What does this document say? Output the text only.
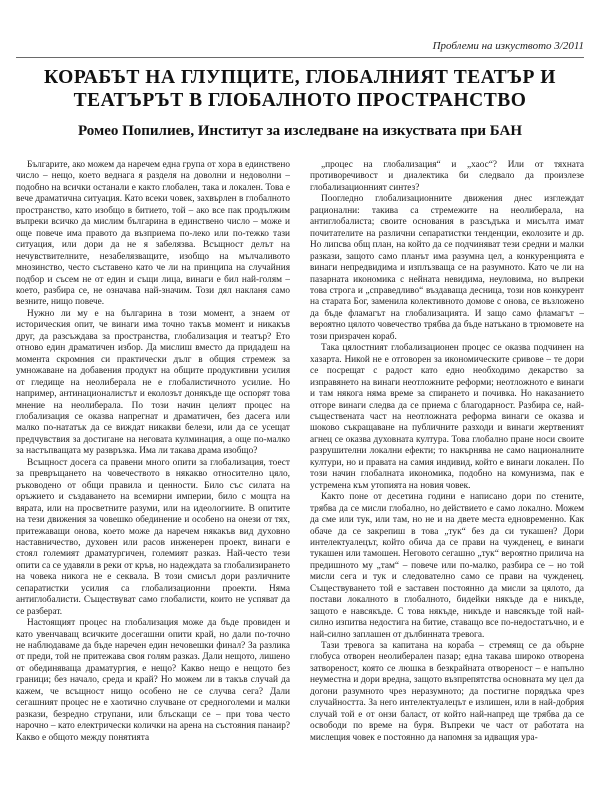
Проблеми на изкуството 3/2011
КОРАБЪТ НА ГЛУПЦИТЕ, ГЛОБАЛНИЯТ ТЕАТЪР И ТЕАТЪРЪТ В ГЛОБАЛНОТО ПРОСТРАНСТВО
Ромео Попилиев, Институт за изследване на изкуствата при БАН

Българите, ако можем да наречем една група от хора в единствено число – нещо, което веднага я разделя на доволни и недоволни – подобно на всички останали е както глобален, така и локален. Това е вече драматична ситуация. Като всеки човек, захвърлен в глобалното пространство, като изобщо в битието, той – ако все пак продължим въпреки всичко да мислим българина в единствено число – може и още повече има правото да възприема по-леко или по-тежко тази ситуация, или дори да не я забелязва. Всъщност делът на нечувствителните, незабелязващите, изобщо на мълчаливото мнозинство, често съставено като че ли на принципа на случайния подбор и съсем не от един и същи лица, винаги е бил най-голям – което, разбира се, не означава най-значим. Този дял накланя само везните, нищо повече.

Нужно ли му е на българина в този момент, а знаем от историческия опит, че винаги има точно такъв момент и никакъв друг, да разсъждава за пространства, глобализация и театър? Ето отново един драматичен избор. Да мислиш вместо да придадеш на момента скромния си практически дълг в общия стремеж за умножаване на добавения продукт на общите продуктивни усилия от гледище на неолиберала не е глобалистичното усилие. Но например, антинационалистът и еколозът донякъде ще оспорят това мнение на неолиберала. По този начин целият процес на глобализация се оказва напрегнат и драматичен, без дасега или малко по-нататък да се виждат никакви белези, или да се усещат предчувствия за достигане на неговата кулминация, а още по-малко за настъпващата му развръзка. Има ли такава драма изобщо?

Всъщност досега са правени много опити за глобализация, тоест за превръщането на човечеството в някакво относително цяло, ръководено от общи правила и ценности. Било със силата на оръжието и създаването на всемирни империи, било с мощта на вярата, или на просветните разуми, или на идеологиите. В опитите на тези движения за човешко обединение и особено на онези от тях, притежаващи онова, което може да наречем някакъв вид духовно наставничество, духовен или расов инженерен проект, винаги е стоял големият драматургичен, големият разказ. Най-често тези опити са се удавяли в реки от кръв, но надеждата за глобализирането на човека никога не е секвала. В този смисъл дори различните сепаратистки усилия са глобализационни проекти. Няма антиглобалисти. Съществуват само глобалисти, които не успяват да се разберат.

Настоящият процес на глобализация може да бъде провиден и като увенчаващ всичките досегашни опити край, но дали по-точно не наблюдаваме да бъде наречен един нечовешки финал? За разлика от преди, той не притежава своя голям разказ. Дали нещото, лишено от обединяваща драматургия, е нещо? Какво нещо е нещото без граници; без начало, среда и край? Но можем ли в такъв случай да кажем, че всъщност нищо особено не се случва сега? Дали сегашният процес не е хаотично случване от средноголеми и малки разкази, безредно струпани, или блъскащи се – при това често нарочно – като електрически колички на арена на състояния панаир? Какво е общото между понятията

„процес на глобализация“ и „хаос“? Или от тяхната противоречивост и диалектика би следвало да произлезе глобализационният синтез?

Поогледно глобализационните движения днес изглеждат рационални: такива са стремежите на неолиберала, на антиглобалиста; своите основания в разсъдъка и мисълта имат почитателите на различни сепаратистки тенденции, еколозите и др. Но липсва общ план, на който да се подчиняват тези средни и малки разкази, защото само планът има разумна цел, а конкуренцията е винаги непредвидима и изплъзваща се на разумното. Като че ли на пазарната икономика с нейната невидима, неуловима, но въпреки това строга и „справедливо“ въздаваща десница, този нов конкурент на старата Бог, заменила колективното домове с онова, се възложено да бъде фламагът на глобализацията. И защо само фламагът – вероятно цялото човечество трябва да бъде натъкано в трюмовете на този призрачен кораб.

Така цялостният глобализационен процес се оказва подчинен на хазарта. Никой не е отговорен за икономическите сривове – те дори се посрещат с радост като едно необходимо декарство за изправянето на винаги неотложните реформи; неотложното е винаги и там някога няма време за спирането и почивка. Но наказанието отгоре винаги следва да се приема с благодарност. Разбира се, най-съществената част на неотложната реформа винаги се оказва и шоково съкращаване на публичните разходи и винаги жертвеният агнец се оказва духовната култура. Това глобално пране носи своите разрушителни локални ефекти; то накърнява не само националните култури, но и правата на самия индивид, който е винаги локален. По този начин глобалната икономика, подобно на комунизма, пак е устремена към утопията на новия човек.

Както поне от десетина години е написано дори по стените, трябва да се мисли глобално, но действието е само локално. Можем да сме или тук, или там, но не и на двете места едновременно. Как обаче да се закрепиш в това „тук“ без да си тукашен? Дори интелектуалецът, който обича да се прави на чужденец, е винаги тукашен или тамошен. Неговото сегашно „тук“ вероятно прилича на предишното му „там“ – повече или по-малко, разбира се – но той мисли сега и тук и следователно само се прави на чужденец. Съществуването той е заставен постоянно да мисли за цялото, да постави локалното в глобалното, бидейки някъде да е никъде, защото е навсякъде. С това някъде, никъде и навсякъде той най-силно изпитва недостига на битие, ставащо все по-недостатъчно, и е най-силно заплашен от дълбинната тревога.

Тази тревога за капитана на кораба – стремящ се да обърне глобуса отворен неолиберален пазар; една такава широко отворена затвореност, която се люшка в безкрайната отвореност – е напълно неуместна и дори вредна, защото възпрепятства основната му цел да догони разумното чрез неразумното; да постигне порядъка чрез случайността. За него интелектуалецът е излишен, или в най-добрия случай той е от онзи баласт, от който най-напред ще трябва да се освободи по време на буря. Въпреки че част от работата на мислещия човек е постоянно да напомня за идващия ура-
